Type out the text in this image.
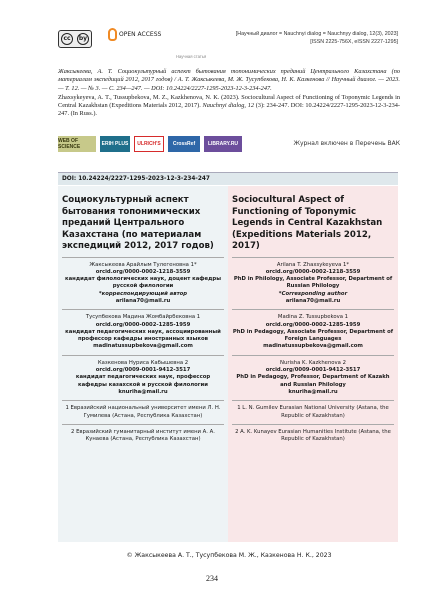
cc	by
OPEN ACCESS	[Научный диалог = Nauchnyi dialog = Nauchnyy dialog, 12(3), 2023]
[ISSN 2225-756X, eISSN 2227-1295]
Научная статья

Жаксыкеева, А. Т. Социокультурный аспект бытования топонимических преданий Центрального Казахстана (по материалам экспедиций 2012, 2017 годов) / А. Т. Жаксыкеева, М. Ж. Тусупбекова, Н. К. Казкенова // Научный диалог. — 2023. — Т. 12. — № 3. — С. 234—247. — DOI: 10.24224/2227-1295-2023-12-3-234-247.

Zhaxsykeyeva, A. T., Tussupbekova, M. Z., Kazkhenova, N. K. (2023). Sociocultural Aspect of Functioning of Toponymic Legends in Central Kazakhstan (Expeditions Materials 2012, 2017). Nauchnyi dialog, 12 (3): 234-247. DOI: 10.24224/2227-1295-2023-12-3-234-247. (In Russ.).

WEB OF SCIENCE	ERIH PLUS	ULRICH'S	CrossRef	LIBRARY.RU	Журнал включен в Перечень ВАК
DOI: 10.24224/2227-1295-2023-12-3-234-247
Социокультурный аспект бытования топонимических преданий Центрального Казахстана (по материалам экспедиций 2012, 2017 годов)
Жаксыкеева Арайлым Тулегеновна 1*
orcid.org/0000-0002-1218-3559
кандидат филологических наук, доцент кафедры русской филологии
*корреспондирующий автор
arilana70@mail.ru
Тусупбекова Мадина Жомбайрбековна 1
orcid.org/0000-0002-1285-1959
кандидат педагогических наук, ассоциированный профессор кафедры иностранных языков
madinatussupbekova@gmail.com
Казкенова Нуриса Кабышевна 2
orcid.org/0009-0001-9412-3517
кандидат педагогических наук, профессор кафедры казахской и русской филологии
knuriha@mail.ru
1 Евразийский национальный университет имени Л. Н. Гумилева (Астана, Республика Казахстан)
2 Евразийский гуманитарный институт имени А. А. Кунаева (Астана, Республика Казахстан)
Sociocultural Aspect of Functioning of Toponymic Legends in Central Kazakhstan (Expeditions Materials 2012, 2017)
Arilana T. Zhaxsykeyeva 1*
orcid.org/0000-0002-1218-3559
PhD in Philology, Associate Professor, Department of Russian Philology
*Corresponding author
arilana70@mail.ru
Madina Z. Tussupbekova 1
orcid.org/0000-0002-1285-1959
PhD in Pedagogy, Associate Professor, Department of Foreign Languages
madinatussupbekova@gmail.com
Nurisha K. Kazkhenova 2
orcid.org/0009-0001-9412-3517
PhD in Pedagogy, Professor, Department of Kazakh and Russian Philology
knuriha@mail.ru
1 L. N. Gumilev Eurasian National University (Astana, the Republic of Kazakhstan)
2 A. K. Kunayev Eurasian Humanities Institute (Astana, the Republic of Kazakhstan)
© Жаксыкеева А. Т., Тусупбекова М. Ж., Казкенова Н. К., 2023
234
